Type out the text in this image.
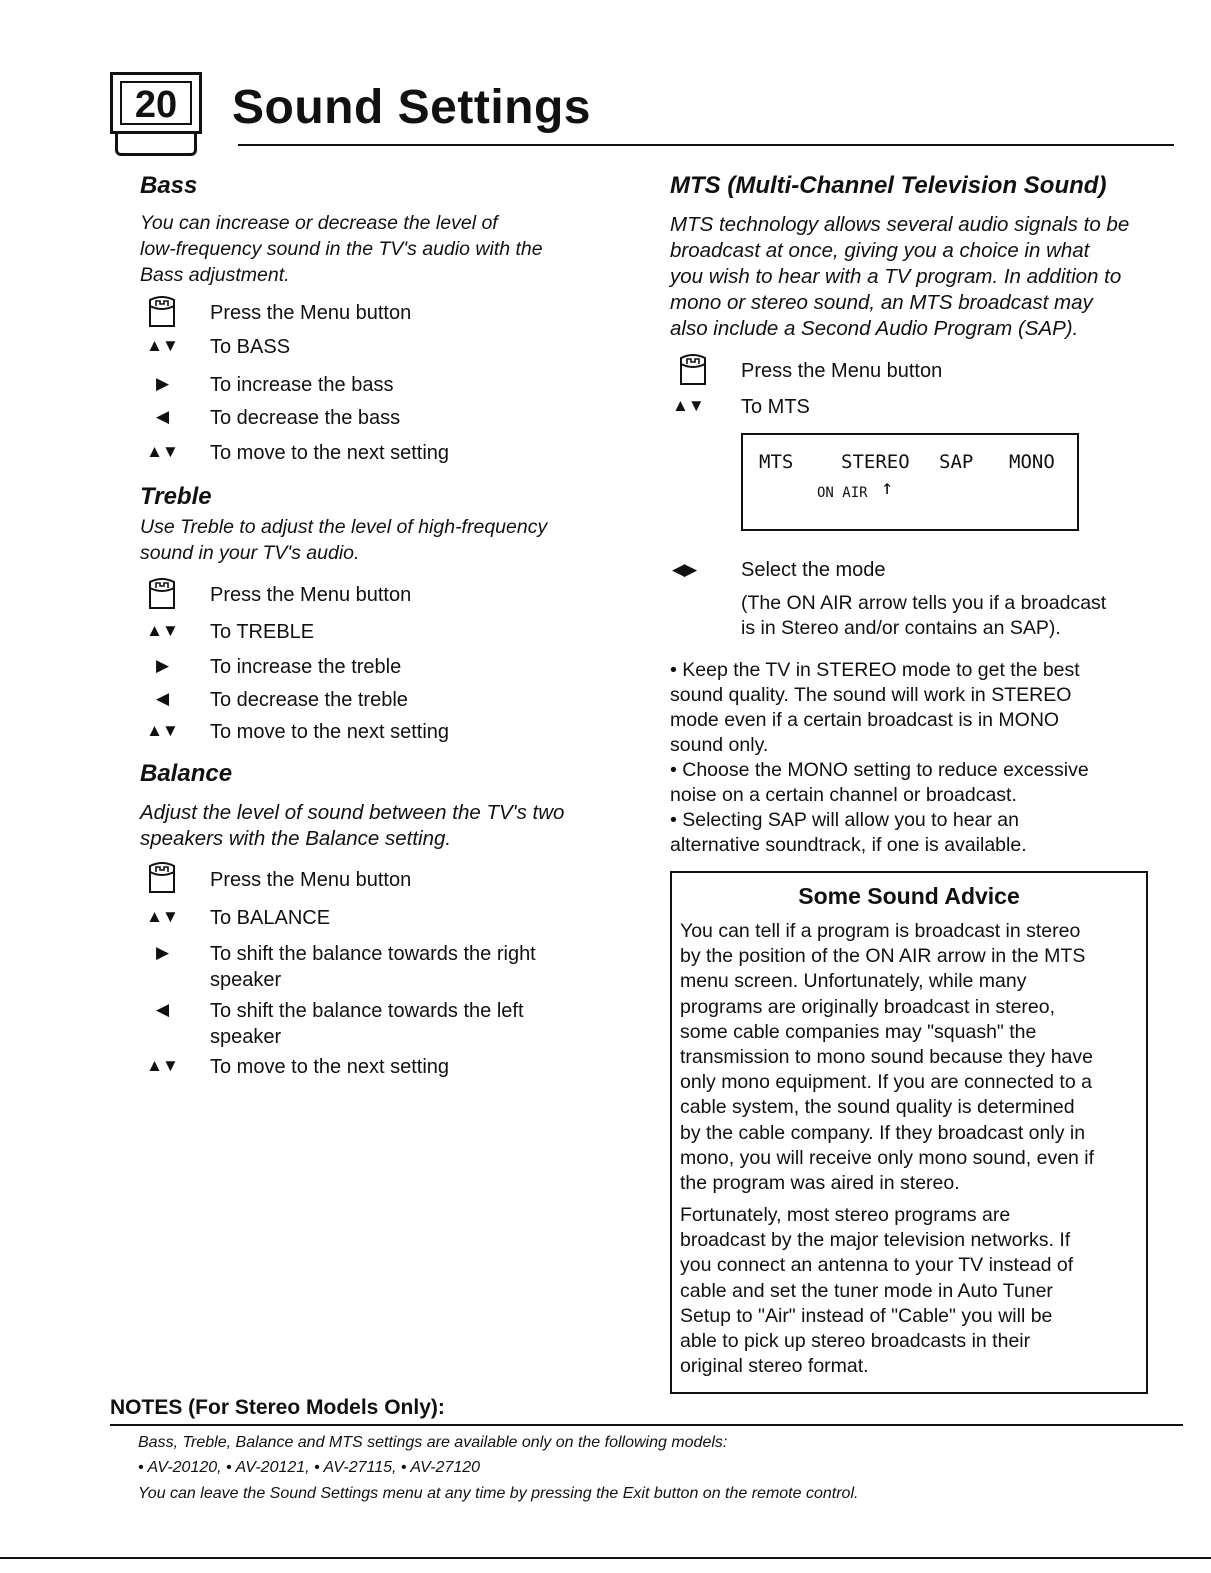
20	Sound Settings
Bass
You can increase or decrease the level of
low-frequency sound in the TV's audio with the
Bass adjustment.
Press the Menu button
▲▼ To BASS
▶	To increase the bass
◀	To decrease the bass
▲▼ To move to the next setting
Treble
Use Treble to adjust the level of high-frequency
sound in your TV's audio.
Press the Menu button
▲▼ To TREBLE
▶	To increase the treble
◀	To decrease the treble
▲▼ To move to the next setting
Balance
Adjust the level of sound between the TV's two
speakers with the Balance setting.
Press the Menu button
▲▼ To BALANCE
▶	To shift the balance towards the right
speaker
◀	To shift the balance towards the left
speaker
▲▼ To move to the next setting
MTS (Multi-Channel Television Sound)
MTS technology allows several audio signals to be
broadcast at once, giving you a choice in what
you wish to hear with a TV program. In addition to
mono or stereo sound, an MTS broadcast may
also include a Second Audio Program (SAP).
Press the Menu button
▲▼	To MTS
MTS	STEREO SAP MONO
ON AIR ↑
◀▶	Select the mode
(The ON AIR arrow tells you if a broadcast
is in Stereo and/or contains an SAP).
• Keep the TV in STEREO mode to get the best
sound quality. The sound will work in STEREO
mode even if a certain broadcast is in MONO
sound only.
• Choose the MONO setting to reduce excessive
noise on a certain channel or broadcast.
• Selecting SAP will allow you to hear an
alternative soundtrack, if one is available.
Some Sound Advice
You can tell if a program is broadcast in stereo
by the position of the ON AIR arrow in the MTS
menu screen. Unfortunately, while many
programs are originally broadcast in stereo,
some cable companies may "squash" the
transmission to mono sound because they have
only mono equipment. If you are connected to a
cable system, the sound quality is determined
by the cable company. If they broadcast only in
mono, you will receive only mono sound, even if
the program was aired in stereo.
Fortunately, most stereo programs are
broadcast by the major television networks. If
you connect an antenna to your TV instead of
cable and set the tuner mode in Auto Tuner
Setup to "Air" instead of "Cable" you will be
able to pick up stereo broadcasts in their
original stereo format.
NOTES (For Stereo Models Only):
Bass, Treble, Balance and MTS settings are available only on the following models:
• AV-20120, • AV-20121, • AV-27115, • AV-27120
You can leave the Sound Settings menu at any time by pressing the Exit button on the remote control.
